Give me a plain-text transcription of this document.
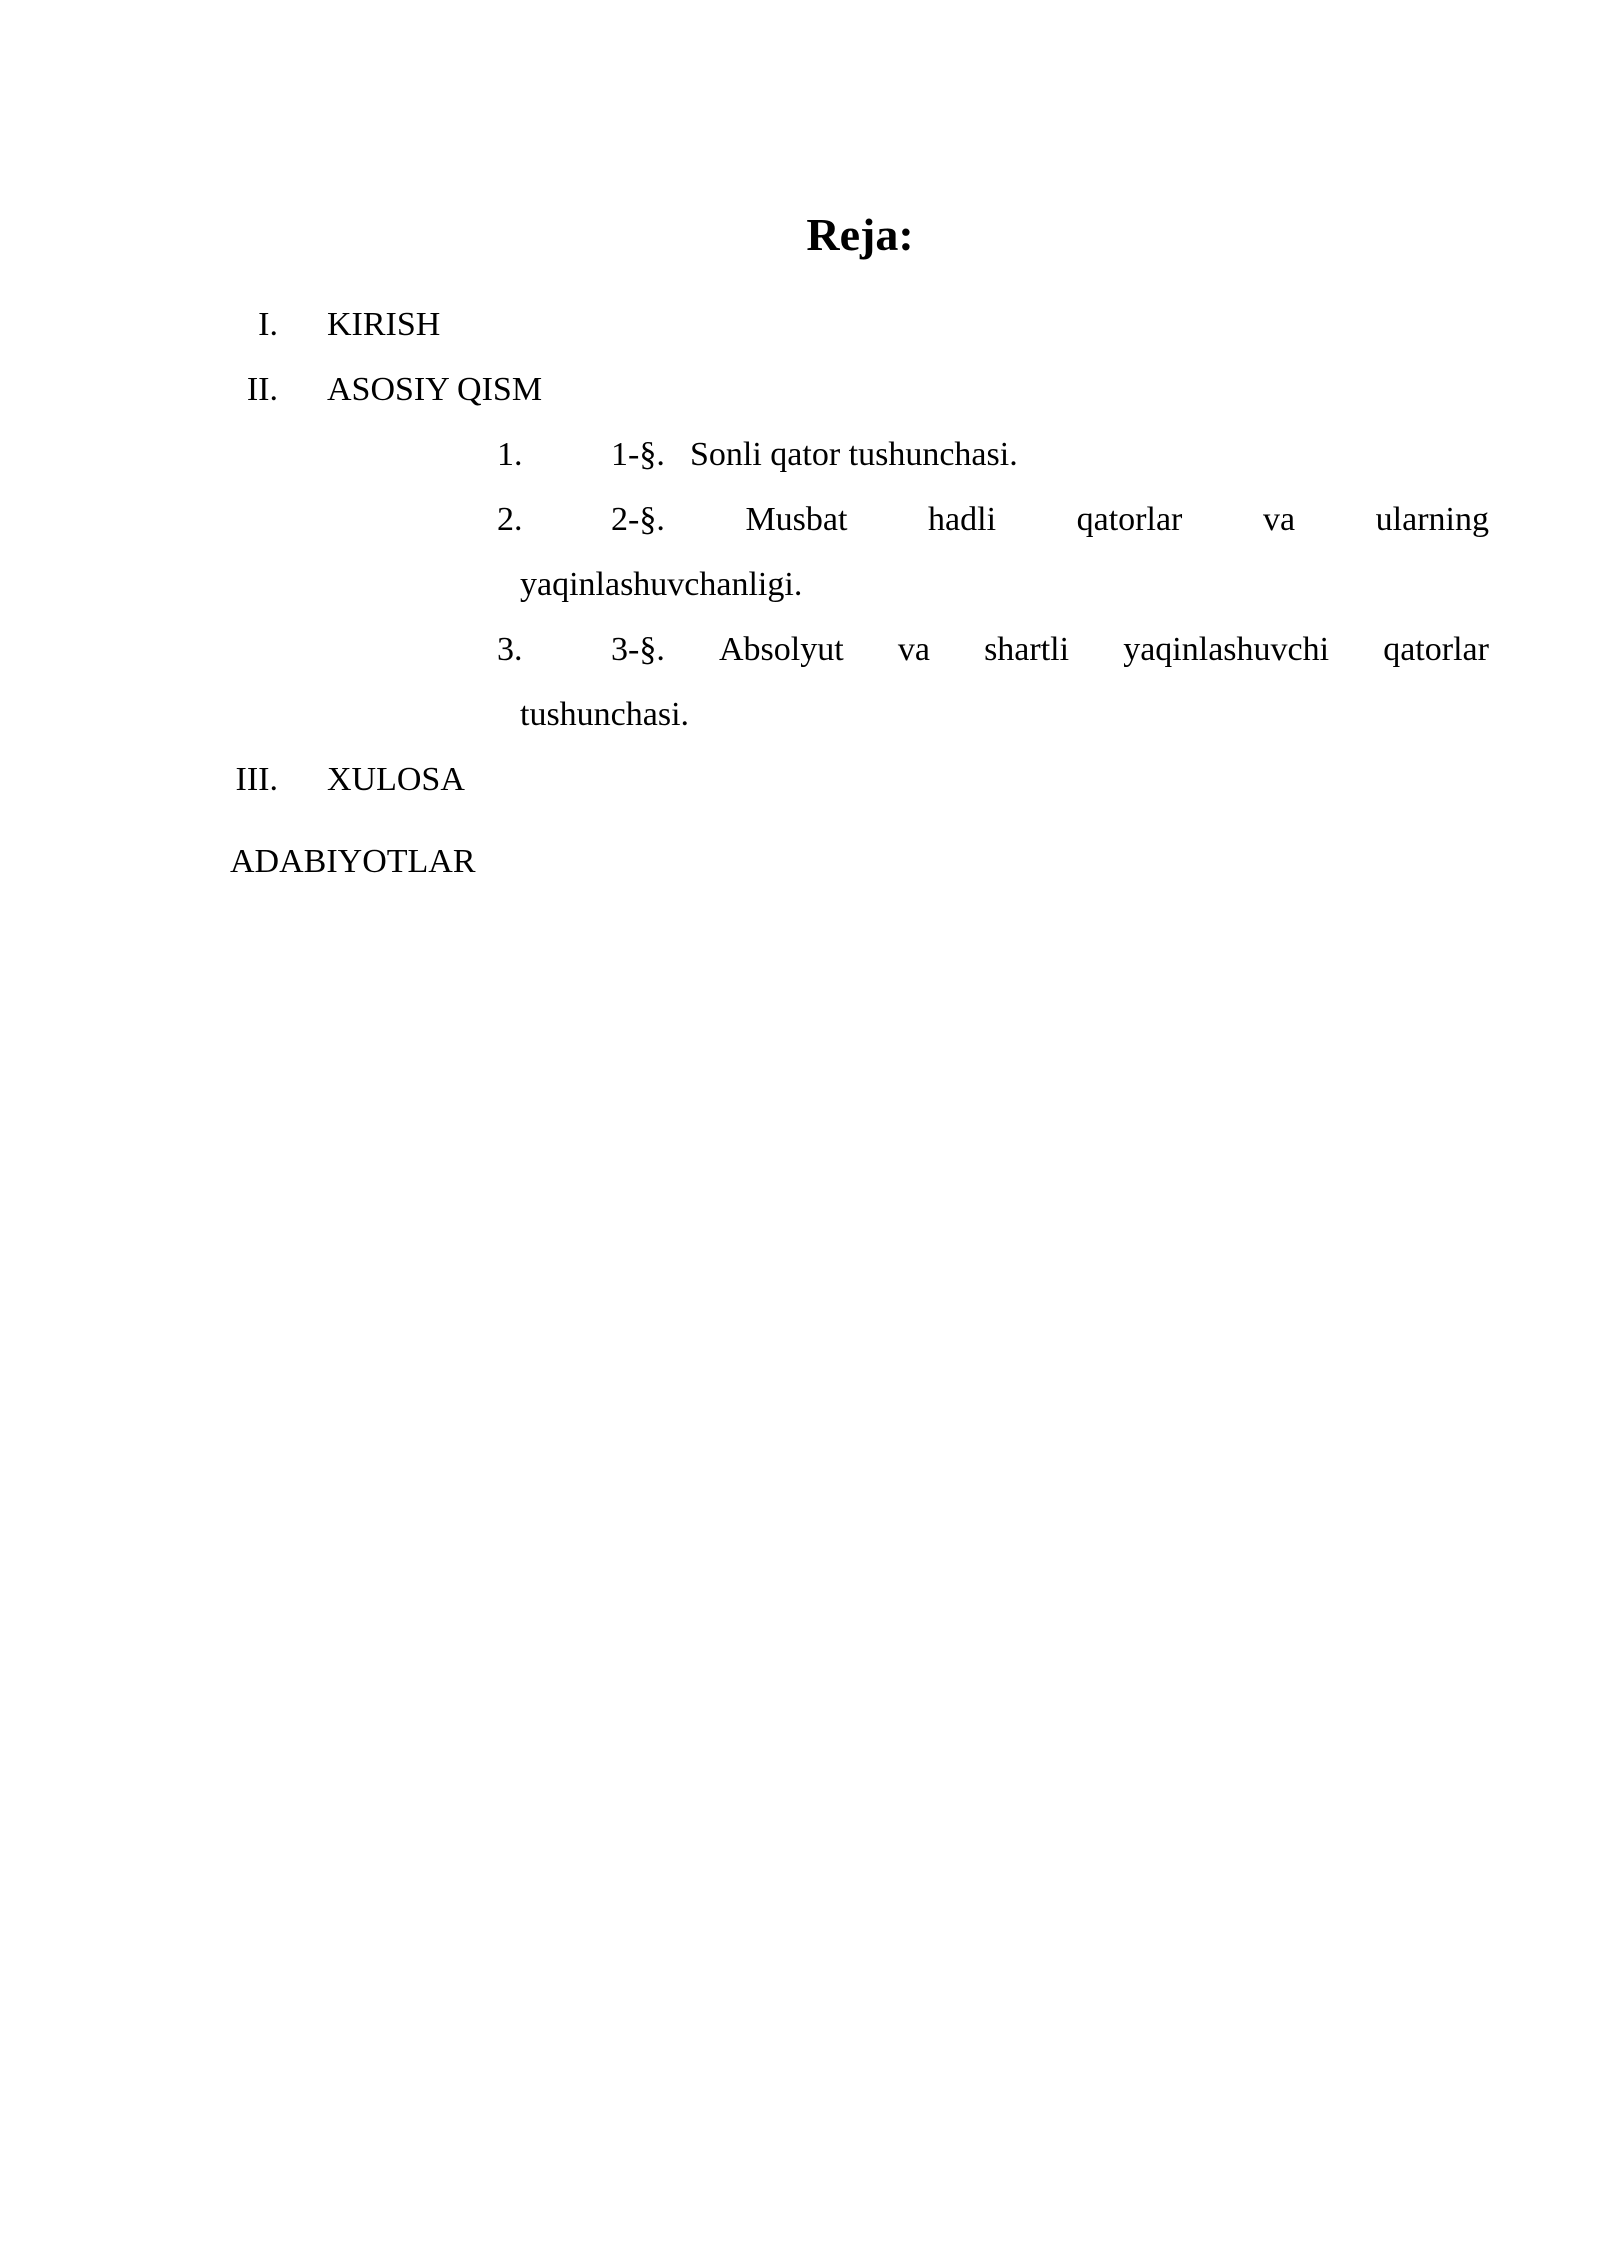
Reja:
I. KIRISH
II. ASOSIY QISM
1.	1-§. Sonli qator tushunchasi.
2.	2-§. Musbat hadli qatorlar va ularning
yaqinlashuvchanligi.
3.	3-§. Absolyut va shartli yaqinlashuvchi qatorlar
tushunchasi.
III. XULOSA
ADABIYOTLAR
